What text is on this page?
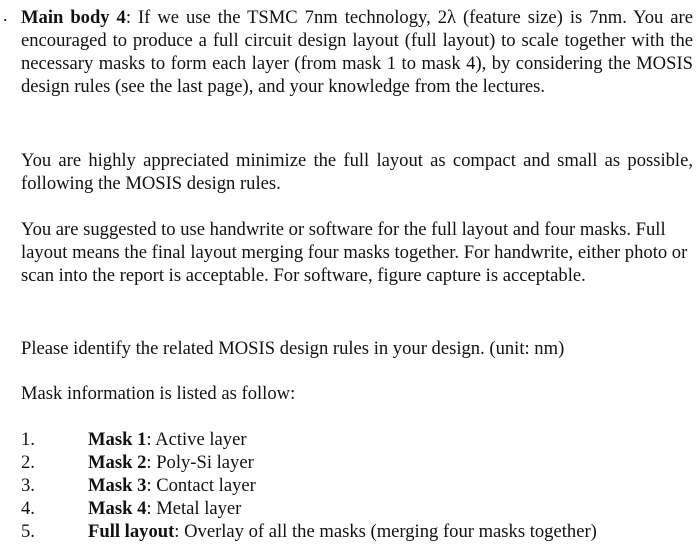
. Main body 4: If we use the TSMC 7nm technology, 2λ (feature size) is 7nm. You are encouraged to produce a full circuit design layout (full layout) to scale together with the necessary masks to form each layer (from mask 1 to mask 4), by considering the MOSIS design rules (see the last page), and your knowledge from the lectures.

You are highly appreciated minimize the full layout as compact and small as possible, following the MOSIS design rules.

You are suggested to use handwrite or software for the full layout and four masks. Full layout means the final layout merging four masks together. For handwrite, either photo or scan into the report is acceptable. For software, figure capture is acceptable.

Please identify the related MOSIS design rules in your design. (unit: nm)

Mask information is listed as follow:

1.	Mask 1: Active layer
2.	Mask 2: Poly-Si layer
3.	Mask 3: Contact layer
4.	Mask 4: Metal layer
5.	Full layout: Overlay of all the masks (merging four masks together)
